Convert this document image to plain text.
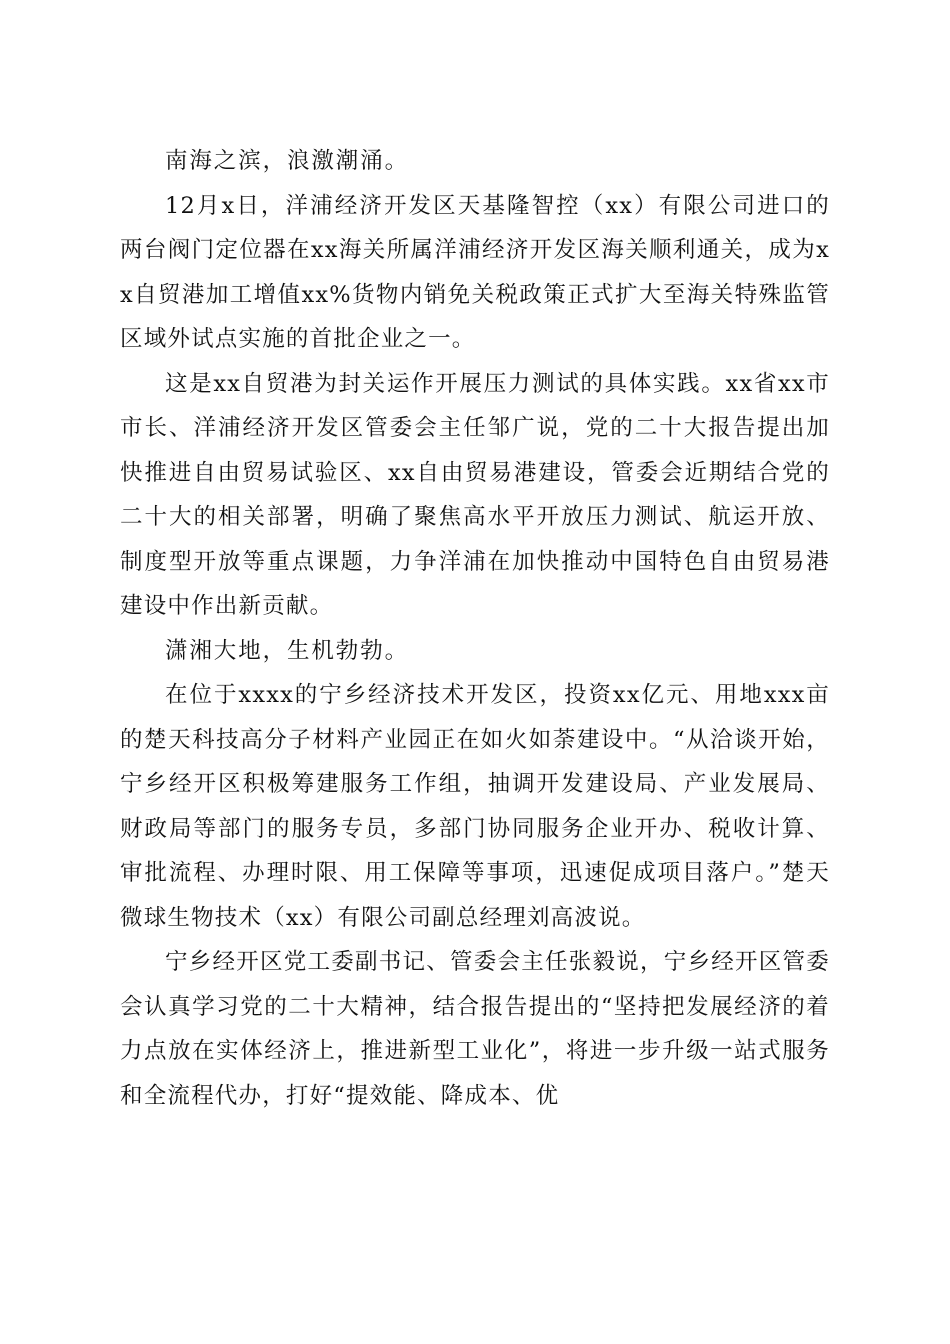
南海之滨，浪激潮涌。

12月x日，洋浦经济开发区天基隆智控（xx）有限公司进口的两台阀门定位器在xx海关所属洋浦经济开发区海关顺利通关，成为xx自贸港加工增值xx%货物内销免关税政策正式扩大至海关特殊监管区域外试点实施的首批企业之一。

这是xx自贸港为封关运作开展压力测试的具体实践。xx省xx市市长、洋浦经济开发区管委会主任邹广说，党的二十大报告提出加快推进自由贸易试验区、xx自由贸易港建设，管委会近期结合党的二十大的相关部署，明确了聚焦高水平开放压力测试、航运开放、制度型开放等重点课题，力争洋浦在加快推动中国特色自由贸易港建设中作出新贡献。

潇湘大地，生机勃勃。

在位于xxxx的宁乡经济技术开发区，投资xx亿元、用地xxx亩的楚天科技高分子材料产业园正在如火如荼建设中。“从洽谈开始，宁乡经开区积极筹建服务工作组，抽调开发建设局、产业发展局、财政局等部门的服务专员，多部门协同服务企业开办、税收计算、审批流程、办理时限、用工保障等事项，迅速促成项目落户。”楚天微球生物技术（xx）有限公司副总经理刘高波说。

宁乡经开区党工委副书记、管委会主任张毅说，宁乡经开区管委会认真学习党的二十大精神，结合报告提出的“坚持把发展经济的着力点放在实体经济上，推进新型工业化”，将进一步升级一站式服务和全流程代办，打好“提效能、降成本、优
